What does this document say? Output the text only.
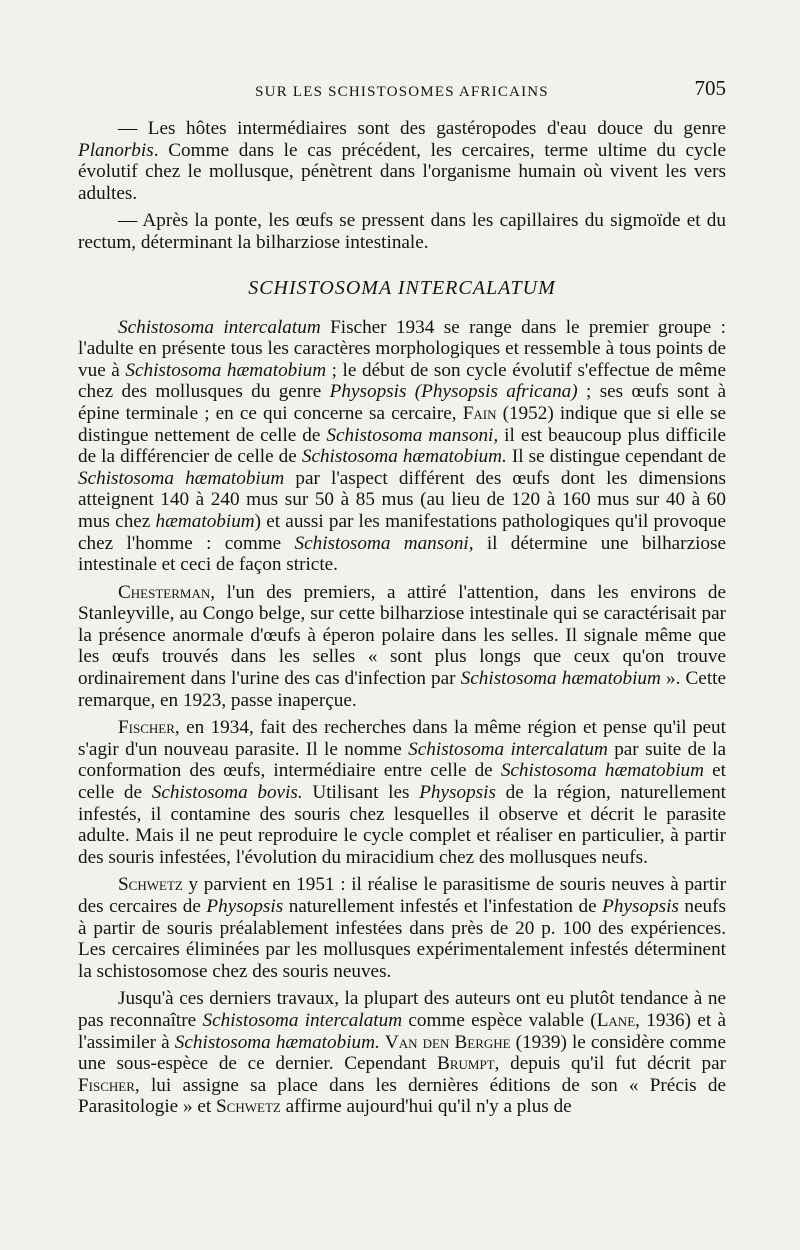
SUR LES SCHISTOSOMES AFRICAINS	705

— Les hôtes intermédiaires sont des gastéropodes d'eau douce du genre Planorbis. Comme dans le cas précédent, les cercaires, terme ultime du cycle évolutif chez le mollusque, pénètrent dans l'organisme humain où vivent les vers adultes.

— Après la ponte, les œufs se pressent dans les capillaires du sigmoïde et du rectum, déterminant la bilharziose intestinale.

SCHISTOSOMA INTERCALATUM

Schistosoma intercalatum Fischer 1934 se range dans le premier groupe : l'adulte en présente tous les caractères morphologiques et ressemble à tous points de vue à Schistosoma hæmatobium ; le début de son cycle évolutif s'effectue de même chez des mollusques du genre Physopsis (Physopsis africana) ; ses œufs sont à épine terminale ; en ce qui concerne sa cercaire, Fain (1952) indique que si elle se distingue nettement de celle de Schistosoma mansoni, il est beaucoup plus difficile de la différencier de celle de Schistosoma hæmatobium. Il se distingue cependant de Schistosoma hæmatobium par l'aspect différent des œufs dont les dimensions atteignent 140 à 240 mus sur 50 à 85 mus (au lieu de 120 à 160 mus sur 40 à 60 mus chez hæmatobium) et aussi par les manifestations pathologiques qu'il provoque chez l'homme : comme Schistosoma mansoni, il détermine une bilharziose intestinale et ceci de façon stricte.

Chesterman, l'un des premiers, a attiré l'attention, dans les environs de Stanleyville, au Congo belge, sur cette bilharziose intestinale qui se caractérisait par la présence anormale d'œufs à éperon polaire dans les selles. Il signale même que les œufs trouvés dans les selles « sont plus longs que ceux qu'on trouve ordinairement dans l'urine des cas d'infection par Schistosoma hæmatobium ». Cette remarque, en 1923, passe inaperçue.

Fischer, en 1934, fait des recherches dans la même région et pense qu'il peut s'agir d'un nouveau parasite. Il le nomme Schistosoma intercalatum par suite de la conformation des œufs, intermédiaire entre celle de Schistosoma hæmatobium et celle de Schistosoma bovis. Utilisant les Physopsis de la région, naturellement infestés, il contamine des souris chez lesquelles il observe et décrit le parasite adulte. Mais il ne peut reproduire le cycle complet et réaliser en particulier, à partir des souris infestées, l'évolution du miracidium chez des mollusques neufs.

Schwetz y parvient en 1951 : il réalise le parasitisme de souris neuves à partir des cercaires de Physopsis naturellement infestés et l'infestation de Physopsis neufs à partir de souris préalablement infestées dans près de 20 p. 100 des expériences. Les cercaires éliminées par les mollusques expérimentalement infestés déterminent la schistosomose chez des souris neuves.

Jusqu'à ces derniers travaux, la plupart des auteurs ont eu plutôt tendance à ne pas reconnaître Schistosoma intercalatum comme espèce valable (Lane, 1936) et à l'assimiler à Schistosoma hæmatobium. Van den Berghe (1939) le considère comme une sous-espèce de ce dernier. Cependant Brumpt, depuis qu'il fut décrit par Fischer, lui assigne sa place dans les dernières éditions de son « Précis de Parasitologie » et Schwetz affirme aujourd'hui qu'il n'y a plus de
